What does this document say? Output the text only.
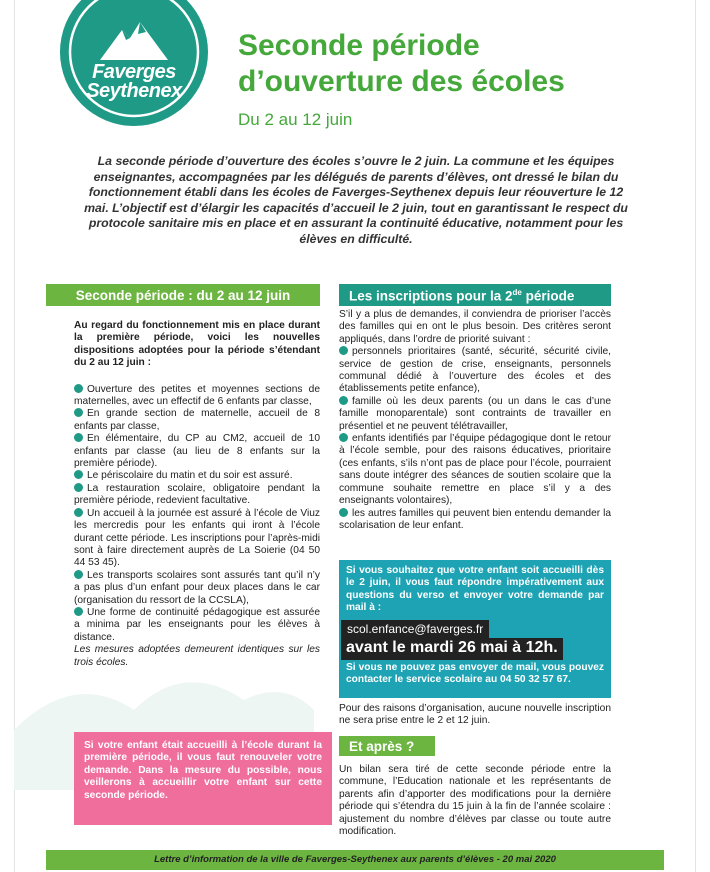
Faverges
Seythenex
Seconde période
d’ouverture des écoles
Du 2 au 12 juin
La seconde période d’ouverture des écoles s’ouvre le 2 juin. La commune et les équipes enseignantes, accompagnées par les délégués de parents d’élèves, ont dressé le bilan du fonctionnement établi dans les écoles de Faverges-Seythenex depuis leur réouverture le 12 mai. L’objectif est d’élargir les capacités d’accueil le 2 juin, tout en garantissant le respect du protocole sanitaire mis en place et en assurant la continuité éducative, notamment pour les élèves en difficulté.
Seconde période : du 2 au 12 juin

Au regard du fonctionnement mis en place durant la première période, voici les nouvelles dispositions adoptées pour la période s’étendant du 2 au 12 juin :

Ouverture des petites et moyennes sections de maternelles, avec un effectif de 6 enfants par classe,

En grande section de maternelle, accueil de 8 enfants par classe,

En élémentaire, du CP au CM2, accueil de 10 enfants par classe (au lieu de 8 enfants sur la première période).

Le périscolaire du matin et du soir est assuré.

La restauration scolaire, obligatoire pendant la première période, redevient facultative.

Un accueil à la journée est assuré à l’école de Viuz les mercredis pour les enfants qui iront à l’école durant cette période. Les inscriptions pour l’après-midi sont à faire directement auprès de La Soierie (04 50 44 53 45).

Les transports scolaires sont assurés tant qu’il n’y a pas plus d’un enfant pour deux places dans le car (organisation du ressort de la CCSLA),

Une forme de continuité pédagogique est assurée a minima par les enseignants pour les élèves à distance.

Les mesures adoptées demeurent identiques sur les trois écoles.

Si votre enfant était accueilli à l’école durant la première période, il vous faut renouveler votre demande. Dans la mesure du possible, nous veillerons à accueillir votre enfant sur cette seconde période.
Les inscriptions pour la 2de période

S’il y a plus de demandes, il conviendra de prioriser l’accès des familles qui en ont le plus besoin. Des critères seront appliqués, dans l’ordre de priorité suivant :

personnels prioritaires (santé, sécurité, sécurité civile, service de gestion de crise, enseignants, personnels communal dédié à l’ouverture des écoles et des établissements petite enfance),

famille où les deux parents (ou un dans le cas d’une famille monoparentale) sont contraints de travailler en présentiel et ne peuvent télétravailler,

enfants identifiés par l’équipe pédagogique dont le retour à l’école semble, pour des raisons éducatives, prioritaire (ces enfants, s’ils n’ont pas de place pour l’école, pourraient sans doute intégrer des séances de soutien scolaire que la commune souhaite remettre en place s’il y a des enseignants volontaires),

les autres familles qui peuvent bien entendu demander la scolarisation de leur enfant.

Si vous souhaitez que votre enfant soit accueilli dès le 2 juin, il vous faut répondre impérativement aux questions du verso et envoyer votre demande par mail à :
Si vous ne pouvez pas envoyer de mail, vous pouvez contacter le service scolaire au 04 50 32 57 67.
scol.enfance@faverges.fr
avant le mardi 26 mai à 12h.
Pour des raisons d’organisation, aucune nouvelle inscription ne sera prise entre le 2 et 12 juin.
Et après ?
Un bilan sera tiré de cette seconde période entre la commune, l’Education nationale et les représentants de parents afin d’apporter des modifications pour la dernière période qui s’étendra du 15 juin à la fin de l’année scolaire : ajustement du nombre d’élèves par classe ou toute autre modification.
Lettre d’information de la ville de Faverges-Seythenex aux parents d’élèves - 20 mai 2020
